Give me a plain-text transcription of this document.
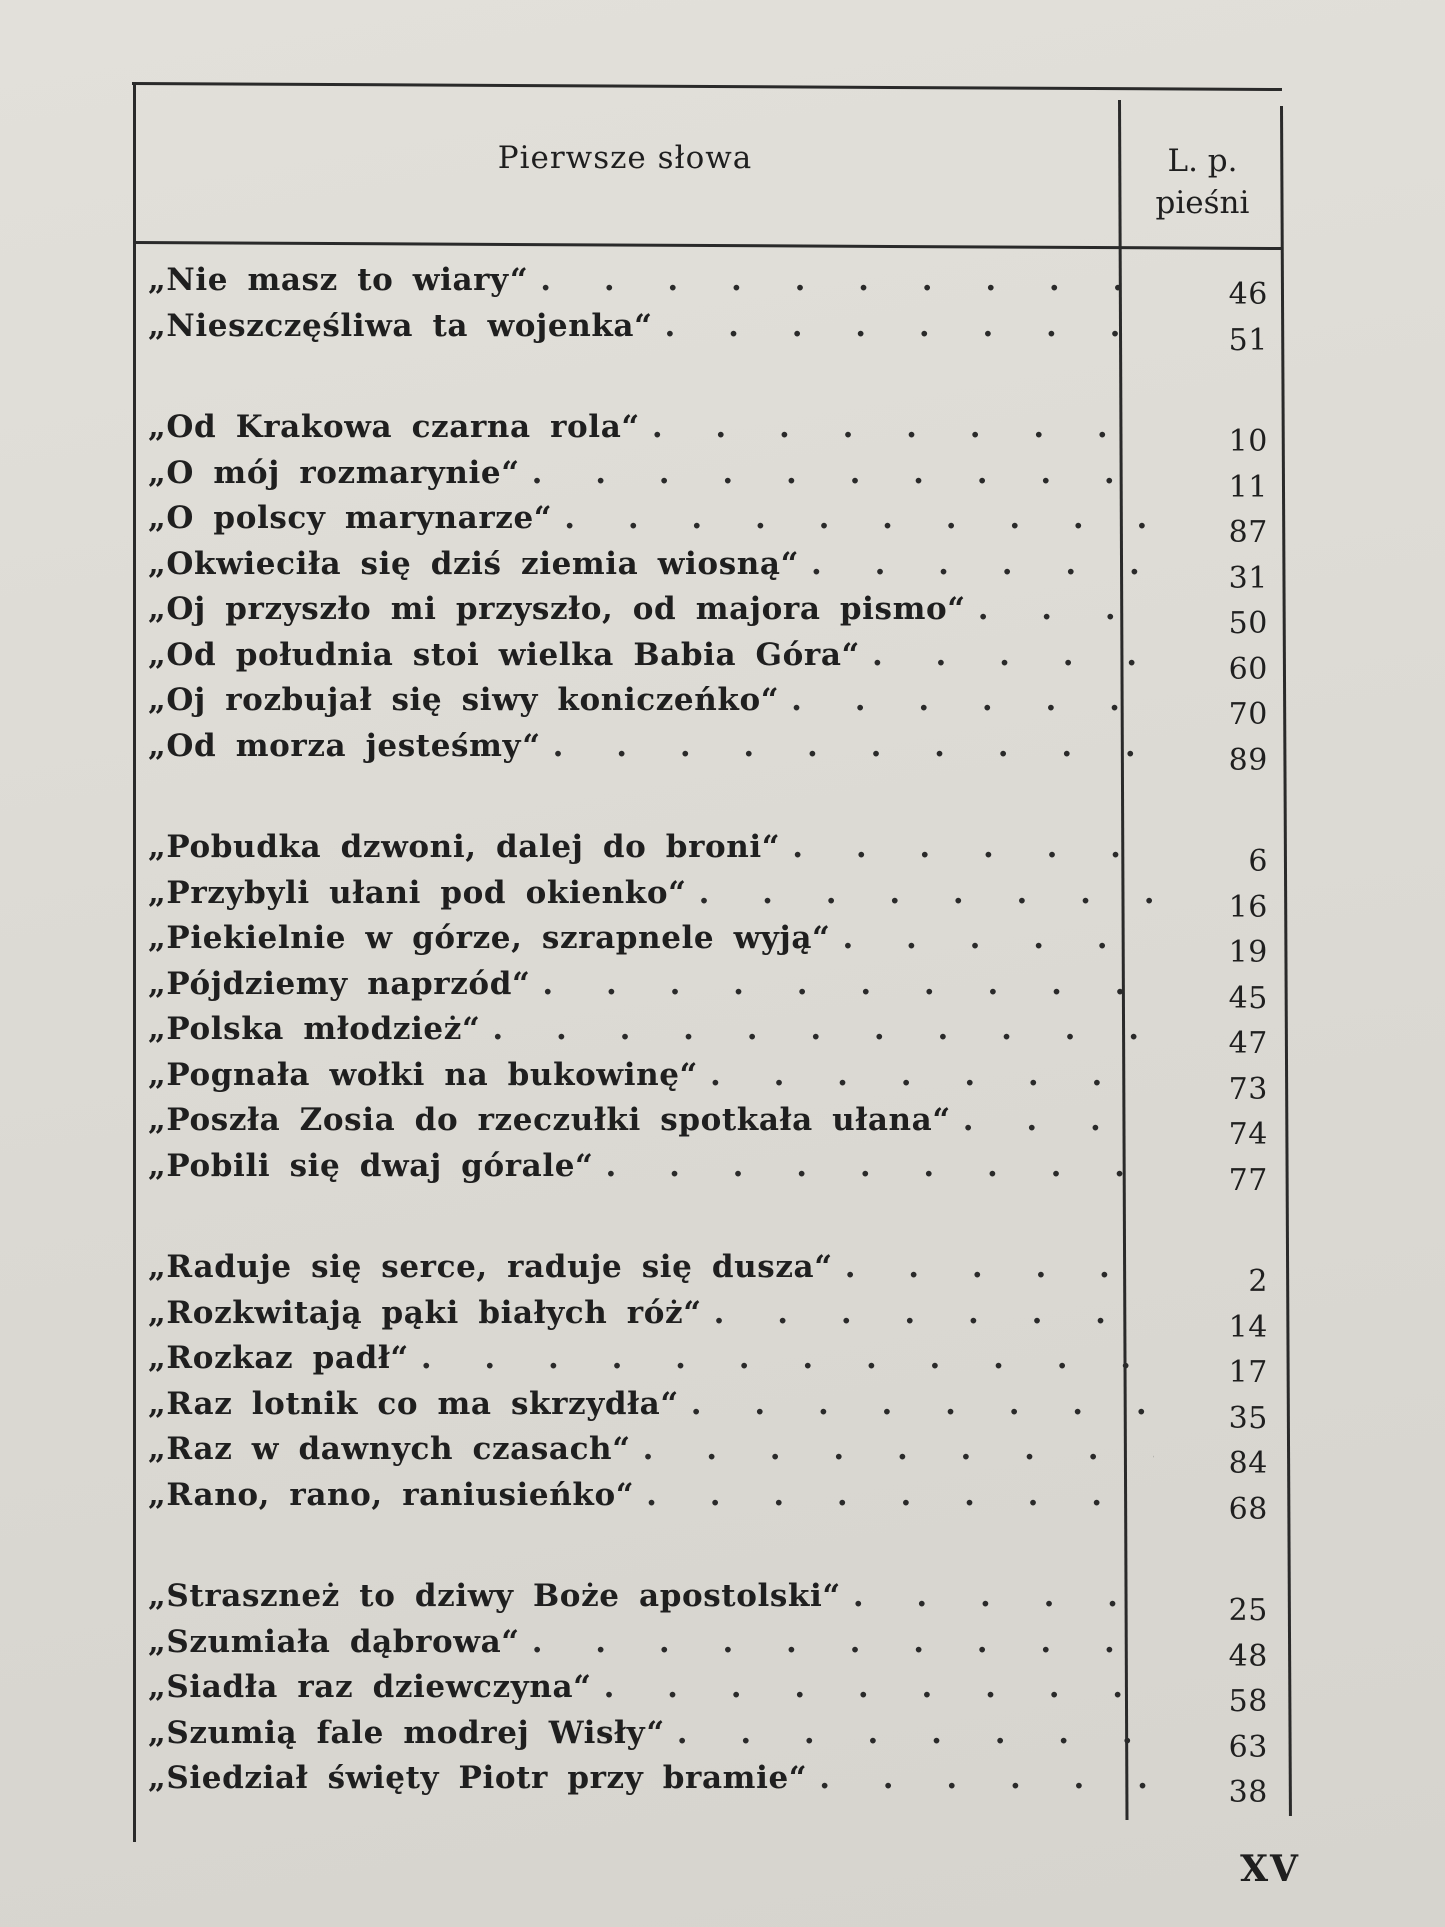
Pierwsze słowa	L. p.
pieśni
„Nie masz to wiary“ . . .	46
„Nieszczęśliwa ta wojenka“ . . .	51
„Od Krakowa czarna rola“ . . .	10
„O mój rozmarynie“ . . .	11
„O polscy marynarze“ . . .	87
„Okwieciła się dziś ziemia wiosną“ . . .	31
„Oj przyszło mi przyszło, od majora pismo“ . . .	50
„Od południa stoi wielka Babia Góra“ . . .	60
„Oj rozbujał się siwy koniczeńko“ . . .	70
„Od morza jesteśmy“ . . .	89
„Pobudka dzwoni, dalej do broni“ . . .	6
„Przybyli ułani pod okienko“ . . .	16
„Piekielnie w górze, szrapnele wyją“ . . .	19
„Pójdziemy naprzód“ . . .	45
„Polska młodzież“ . . .	47
„Pognała wołki na bukowinę“ . . .	73
„Poszła Zosia do rzeczułki spotkała ułana“ . . .	74
„Pobili się dwaj górale“ . . .	77
„Raduje się serce, raduje się dusza“ . . .	2
„Rozkwitają pąki białych róż“ . . .	14
„Rozkaz padł“ . . .	17
„Raz lotnik co ma skrzydła“ . . .	35
„Raz w dawnych czasach“ . . .	84
„Rano, rano, raniusieńko“ . . .	68
„Straszneż to dziwy Boże apostolski“ . . .	25
„Szumiała dąbrowa“ . . .	48
„Siadła raz dziewczyna“ . . .	58
„Szumią fale modrej Wisły“ . . .	63
„Siedział święty Piotr przy bramie“ . . .	38
XV
